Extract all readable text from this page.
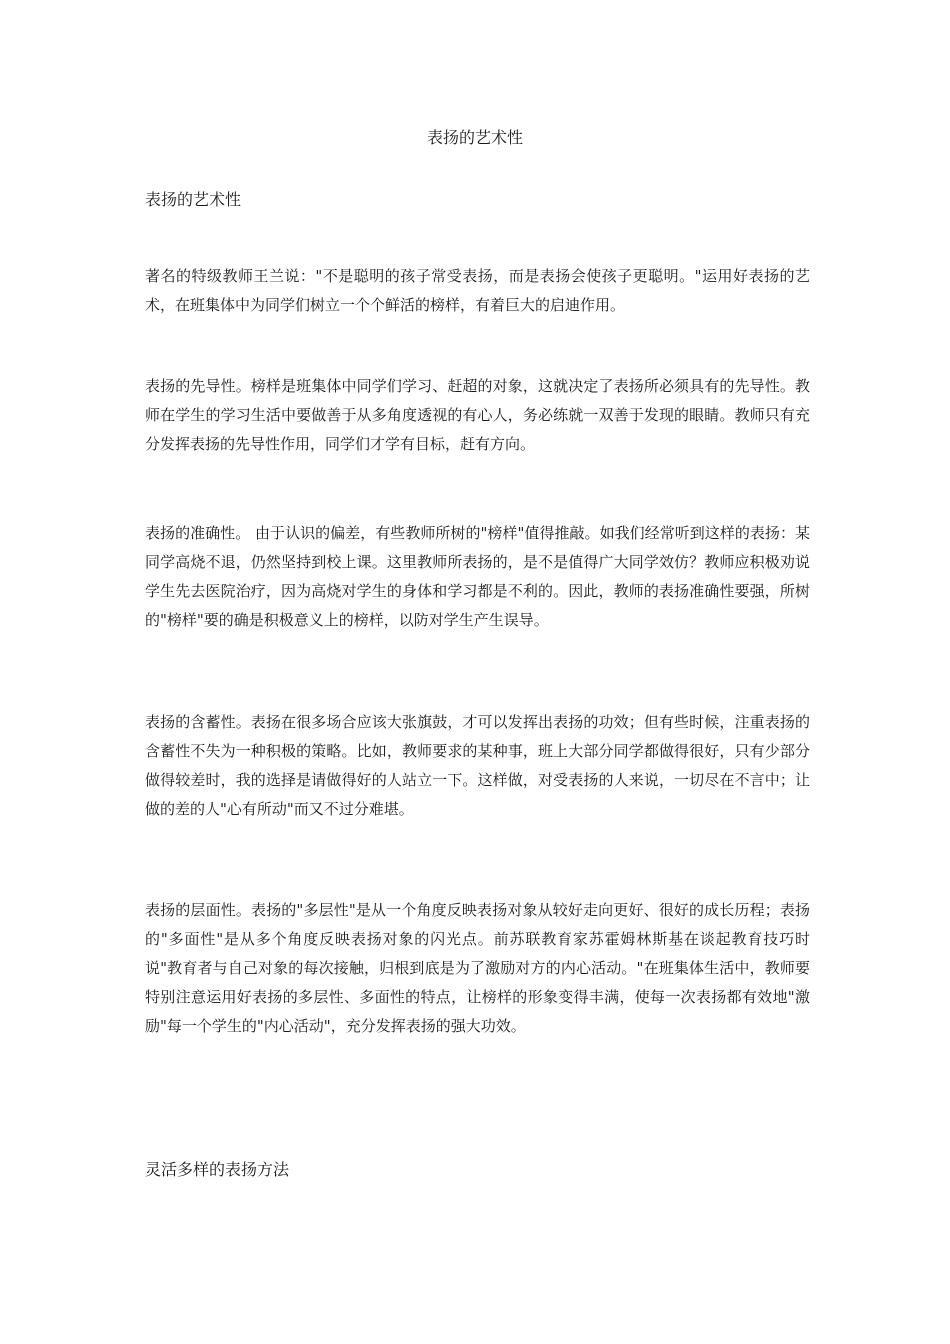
表扬的艺术性
表扬的艺术性

著名的特级教师王兰说："不是聪明的孩子常受表扬，而是表扬会使孩子更聪明。"运用好表扬的艺术，在班集体中为同学们树立一个个鲜活的榜样，有着巨大的启迪作用。

表扬的先导性。榜样是班集体中同学们学习、赶超的对象，这就决定了表扬所必须具有的先导性。教师在学生的学习生活中要做善于从多角度透视的有心人，务必练就一双善于发现的眼睛。教师只有充分发挥表扬的先导性作用，同学们才学有目标，赶有方向。

表扬的准确性。 由于认识的偏差，有些教师所树的"榜样"值得推敲。如我们经常听到这样的表扬：某同学高烧不退，仍然坚持到校上课。这里教师所表扬的，是不是值得广大同学效仿？教师应积极劝说学生先去医院治疗，因为高烧对学生的身体和学习都是不利的。因此，教师的表扬准确性要强，所树的"榜样"要的确是积极意义上的榜样，以防对学生产生误导。

表扬的含蓄性。表扬在很多场合应该大张旗鼓，才可以发挥出表扬的功效；但有些时候，注重表扬的含蓄性不失为一种积极的策略。比如，教师要求的某种事，班上大部分同学都做得很好，只有少部分做得较差时，我的选择是请做得好的人站立一下。这样做，对受表扬的人来说，一切尽在不言中；让做的差的人"心有所动"而又不过分难堪。

表扬的层面性。表扬的"多层性"是从一个角度反映表扬对象从较好走向更好、很好的成长历程；表扬的"多面性"是从多个角度反映表扬对象的闪光点。前苏联教育家苏霍姆林斯基在谈起教育技巧时说"教育者与自己对象的每次接触，归根到底是为了激励对方的内心活动。"在班集体生活中，教师要特别注意运用好表扬的多层性、多面性的特点，让榜样的形象变得丰满，使每一次表扬都有效地"激励"每一个学生的"内心活动"，充分发挥表扬的强大功效。

灵活多样的表扬方法
